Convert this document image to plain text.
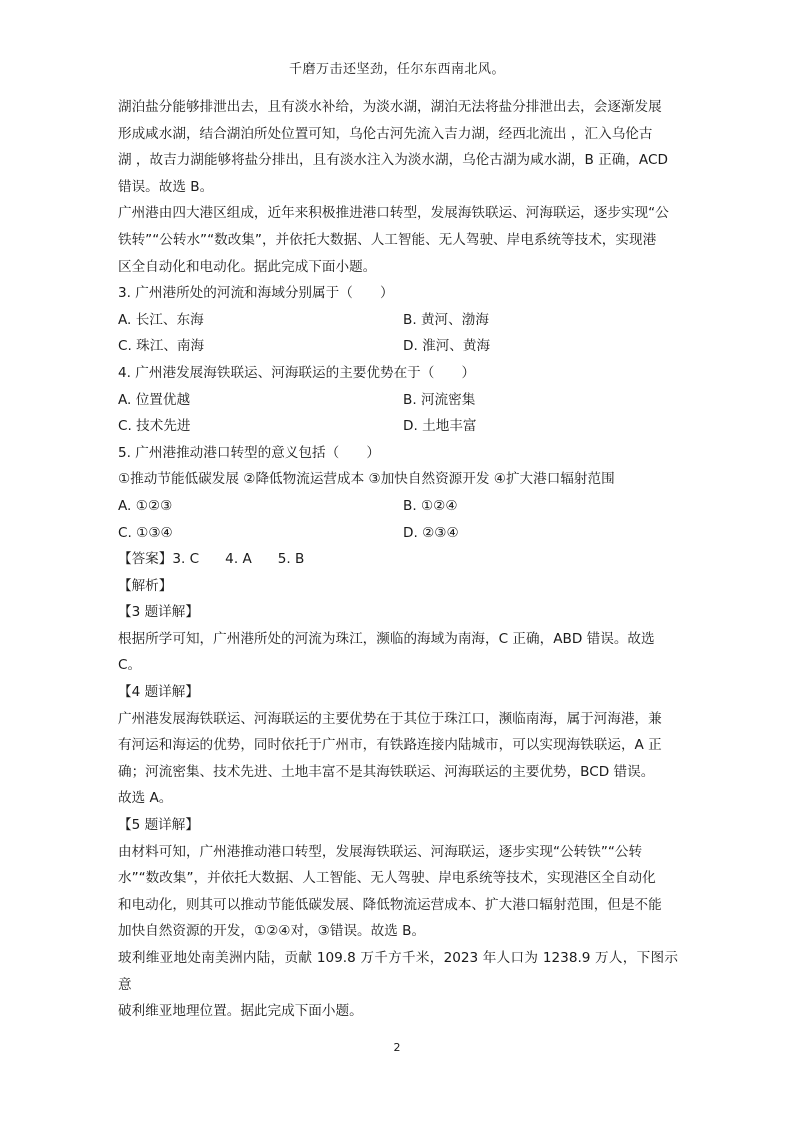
千磨万击还坚劲，任尔东西南北风。

湖泊盐分能够排泄出去，且有淡水补给，为淡水湖，湖泊无法将盐分排泄出去，会逐渐发展

形成咸水湖，结合湖泊所处位置可知，乌伦古河先流入吉力湖，经西北流出 ，汇入乌伦古

湖 ，故吉力湖能够将盐分排出，且有淡水注入为淡水湖，乌伦古湖为咸水湖，B 正确，ACD

错误。故选 B。

广州港由四大港区组成，近年来积极推进港口转型，发展海铁联运、河海联运，逐步实现“公

铁转”“公转水”“数改集”，并依托大数据、人工智能、无人驾驶、岸电系统等技术，实现港

区全自动化和电动化。据此完成下面小题。

3. 广州港所处的河流和海域分别属于（　　）

A. 长江、东海	B. 黄河、渤海
C. 珠江、南海	D. 淮河、黄海

4. 广州港发展海铁联运、河海联运的主要优势在于（　　）

A. 位置优越	B. 河流密集
C. 技术先进	D. 土地丰富

5. 广州港推动港口转型的意义包括（　　）

①推动节能低碳发展 ②降低物流运营成本 ③加快自然资源开发 ④扩大港口辐射范围

A. ①②③	B. ①②④
C. ①③④	D. ②③④
【答案】 3. C 4. A 5. B

【解析】

【3 题详解】

根据所学可知，广州港所处的河流为珠江，濒临的海域为南海，C 正确，ABD 错误。故选

C。

【4 题详解】

广州港发展海铁联运、河海联运的主要优势在于其位于珠江口，濒临南海，属于河海港，兼

有河运和海运的优势，同时依托于广州市，有铁路连接内陆城市，可以实现海铁联运，A 正

确；河流密集、技术先进、土地丰富不是其海铁联运、河海联运的主要优势，BCD 错误。

故选 A。

【5 题详解】

由材料可知，广州港推动港口转型，发展海铁联运、河海联运，逐步实现“公转铁”“公转

水”“数改集”，并依托大数据、人工智能、无人驾驶、岸电系统等技术，实现港区全自动化

和电动化，则其可以推动节能低碳发展、降低物流运营成本、扩大港口辐射范围，但是不能

加快自然资源的开发，①②④对，③错误。故选 B。

玻利维亚地处南美洲内陆，贡献 109.8 万千方千米，2023 年人口为 1238.9 万人，下图示意

破利维亚地理位置。据此完成下面小题。

2
